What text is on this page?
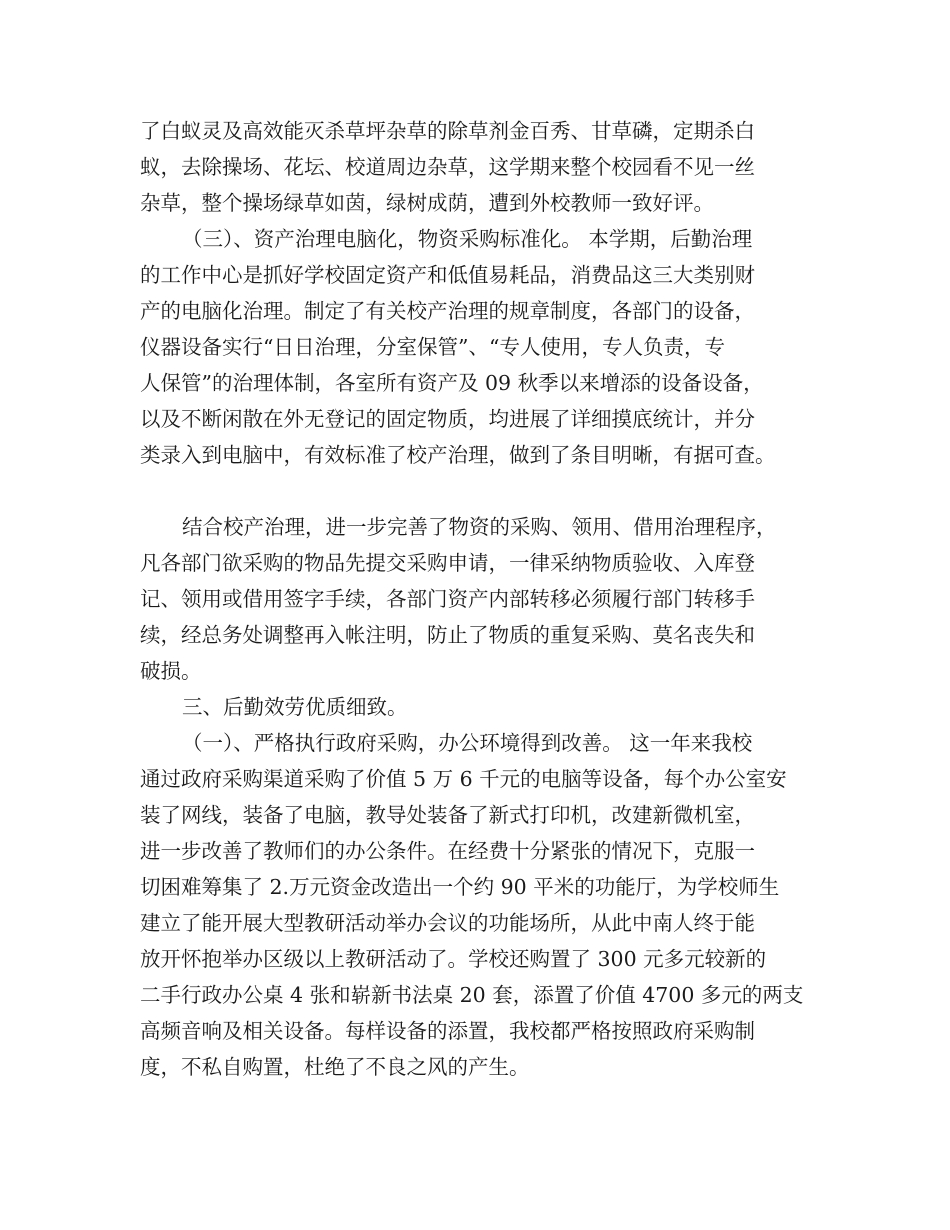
了白蚁灵及高效能灭杀草坪杂草的除草剂金百秀、甘草磷，定期杀白

蚁，去除操场、花坛、校道周边杂草，这学期来整个校园看不见一丝

杂草，整个操场绿草如茵，绿树成荫，遭到外校教师一致好评。

（三）、资产治理电脑化，物资采购标准化。 本学期，后勤治理

的工作中心是抓好学校固定资产和低值易耗品，消费品这三大类别财

产的电脑化治理。制定了有关校产治理的规章制度，各部门的设备，

仪器设备实行“日日治理，分室保管”、“专人使用，专人负责，专

人保管”的治理体制，各室所有资产及 09 秋季以来增添的设备设备，

以及不断闲散在外无登记的固定物质，均进展了详细摸底统计，并分

类录入到电脑中，有效标准了校产治理，做到了条目明晰，有据可查。

结合校产治理，进一步完善了物资的采购、领用、借用治理程序，

凡各部门欲采购的物品先提交采购申请，一律采纳物质验收、入库登

记、领用或借用签字手续，各部门资产内部转移必须履行部门转移手

续，经总务处调整再入帐注明，防止了物质的重复采购、莫名丧失和

破损。

三、后勤效劳优质细致。

（一）、严格执行政府采购，办公环境得到改善。 这一年来我校

通过政府采购渠道采购了价值 5 万 6 千元的电脑等设备，每个办公室安

装了网线，装备了电脑，教导处装备了新式打印机，改建新微机室，

进一步改善了教师们的办公条件。在经费十分紧张的情况下，克服一

切困难筹集了 2.万元资金改造出一个约 90 平米的功能厅，为学校师生

建立了能开展大型教研活动举办会议的功能场所，从此中南人终于能

放开怀抱举办区级以上教研活动了。学校还购置了 300 元多元较新的

二手行政办公桌 4 张和崭新书法桌 20 套，添置了价值 4700 多元的两支

高频音响及相关设备。每样设备的添置，我校都严格按照政府采购制

度，不私自购置，杜绝了不良之风的产生。
